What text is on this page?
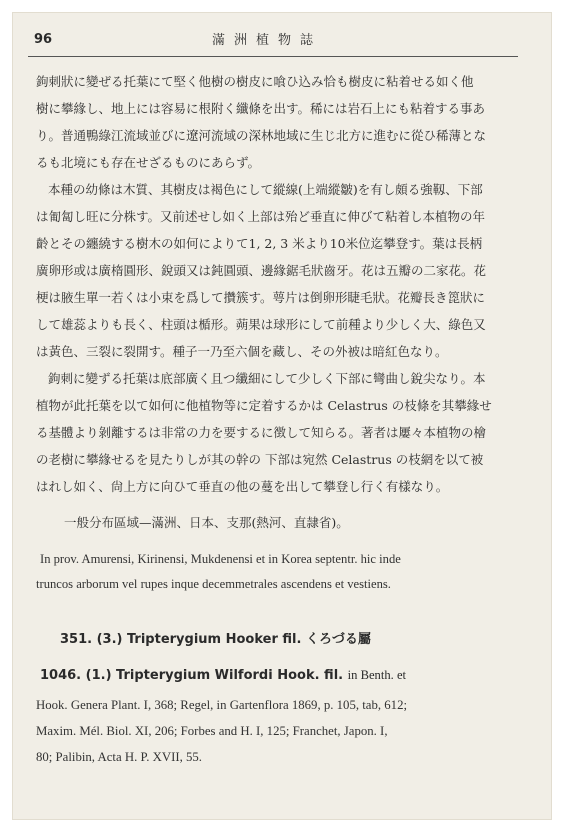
96	滿洲植物誌
鉤刺狀に變ぜる托葉にて堅く他樹の樹皮に喰ひ込み恰も樹皮に粘着せる如く他
樹に攀緣し、地上には容易に根附く纖條を出す。稀には岩石上にも粘着する事あ
り。普通鴨綠江流域並びに遼河流域の深林地域に生じ北方に進むに從ひ稀薄とな
るも北境にも存在せざるものにあらず。
本種の幼條は木質、其樹皮は褐色にして縱線(上端縱皺)を有し頗る強靱、下部
は匍匐し旺に分株す。又前述せし如く上部は殆ど垂直に伸びて粘着し本植物の年
齡とその纏繞する樹木の如何によりて1, 2, 3 米より10米位迄攀登す。葉は長柄
廣卵形或は廣楕圓形、銳頭又は鈍圓頭、邊緣鋸毛狀齒牙。花は五瓣の二家花。花
梗は腋生單一若くは小束を爲して攢簇す。萼片は倒卵形睫毛狀。花瓣長き箆狀に
して雄蕊よりも長く、柱頭は楯形。蒴果は球形にして前種より少しく大、綠色又
は黃色、三裂に裂開す。種子一乃至六個を藏し、その外被は暗紅色なり。
鉤刺に變ずる托葉は底部廣く且つ纖細にして少しく下部に彎曲し銳尖なり。本
植物が此托葉を以て如何に他植物等に定着するかは Celastrus の枝條を其攀緣せ
る基體より剝離するは非常の力を要するに徴して知らる。著者は屢々本植物の檜
の老樹に攀緣せるを見たりしが其の幹の 下部は宛然 Celastrus の枝網を以て被
はれし如く、尙上方に向ひて垂直の他の蔓を出して攀登し行く有樣なり。
一般分布區域—滿洲、日本、支那(熱河、直隷省)。
In prov. Amurensi, Kirinensi, Mukdenensi et in Korea septentr. hic inde
truncos arborum vel rupes inque decemmetrales ascendens et vestiens.
351. (3.) Tripterygium Hooker fil. くろづる屬
1046. (1.) Tripterygium Wilfordi Hook. fil. in Benth. et
Hook. Genera Plant. I, 368; Regel, in Gartenflora 1869, p. 105, tab, 612;
Maxim. Mél. Biol. XI, 206; Forbes and H. I, 125; Franchet, Japon. I,
80; Palibin, Acta H. P. XVII, 55.
